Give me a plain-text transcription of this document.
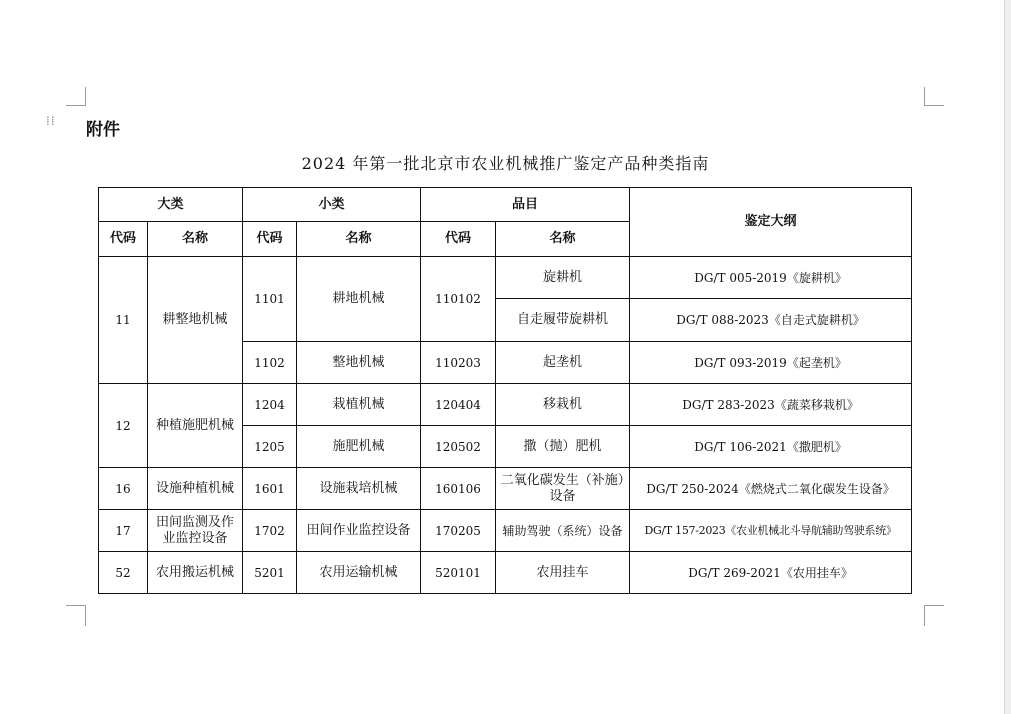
⁞⁞ 附件
2024 年第一批北京市农业机械推广鉴定产品种类指南
大类		小类		品目		鉴定大纲
代码	名称	代码	名称	代码	名称	
11	耕整地机械	1101	耕地机械	110102	旋耕机	DG/T 005-2019《旋耕机》
					自走履带旋耕机	DG/T 088-2023《自走式旋耕机》
		1102	整地机械	110203	起垄机	DG/T 093-2019《起垄机》
12	种植施肥机械	1204	栽植机械	120404	移栽机	DG/T 283-2023《蔬菜移栽机》
		1205	施肥机械	120502	撒（抛）肥机	DG/T 106-2021《撒肥机》
16	设施种植机械	1601	设施栽培机械	160106	二氧化碳发生（补施）设备	DG/T 250-2024《燃烧式二氧化碳发生设备》
17	田间监测及作业监控设备	1702	田间作业监控设备	170205	辅助驾驶（系统）设备	DG/T 157-2023《农业机械北斗导航辅助驾驶系统》
52	农用搬运机械	5201	农用运输机械	520101	农用挂车	DG/T 269-2021《农用挂车》
